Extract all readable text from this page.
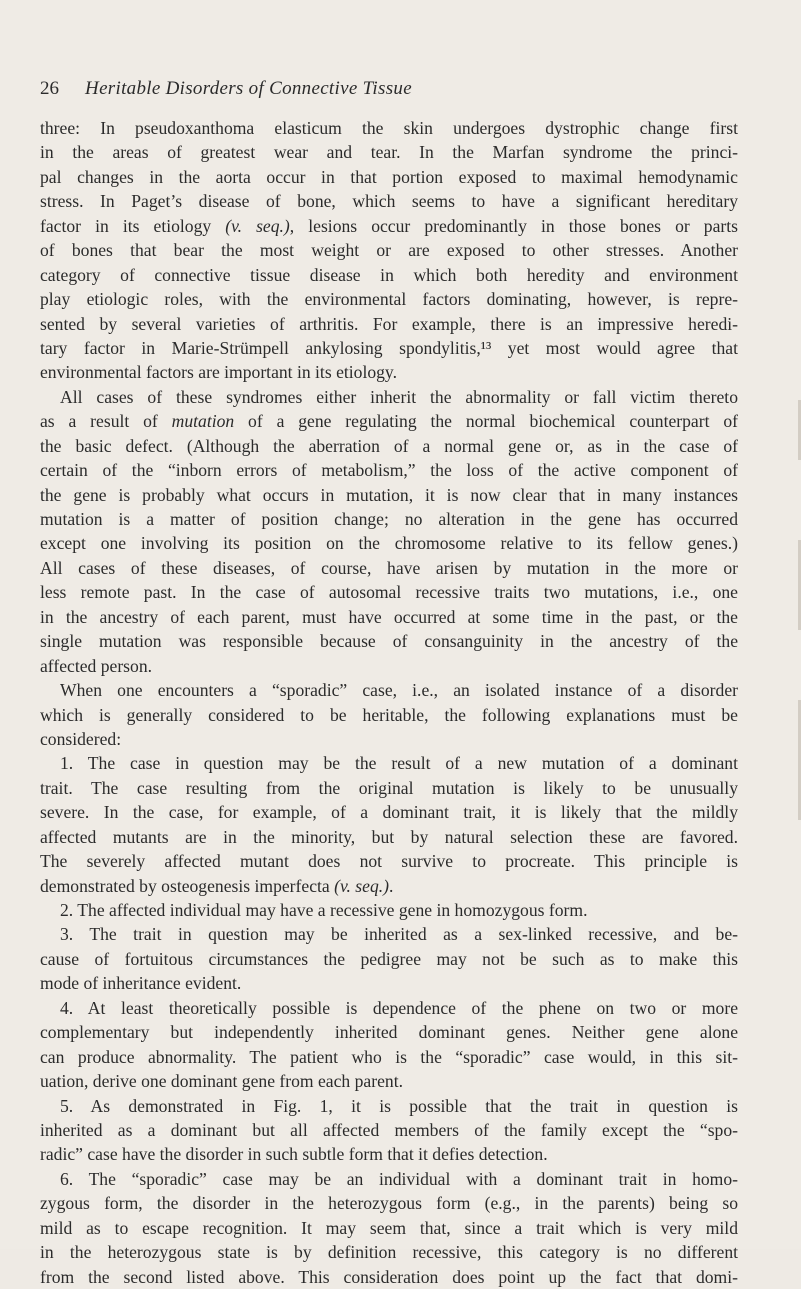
26 Heritable Disorders of Connective Tissue
three: In pseudoxanthoma elasticum the skin undergoes dystrophic change first
in the areas of greatest wear and tear. In the Marfan syndrome the princi-
pal changes in the aorta occur in that portion exposed to maximal hemodynamic
stress. In Paget’s disease of bone, which seems to have a significant hereditary
factor in its etiology (v. seq.), lesions occur predominantly in those bones or parts
of bones that bear the most weight or are exposed to other stresses. Another
category of connective tissue disease in which both heredity and environment
play etiologic roles, with the environmental factors dominating, however, is repre-
sented by several varieties of arthritis. For example, there is an impressive heredi-
tary factor in Marie-Strümpell ankylosing spondylitis,¹³ yet most would agree that
environmental factors are important in its etiology.
All cases of these syndromes either inherit the abnormality or fall victim thereto
as a result of mutation of a gene regulating the normal biochemical counterpart of
the basic defect. (Although the aberration of a normal gene or, as in the case of
certain of the “inborn errors of metabolism,” the loss of the active component of
the gene is probably what occurs in mutation, it is now clear that in many instances
mutation is a matter of position change; no alteration in the gene has occurred
except one involving its position on the chromosome relative to its fellow genes.)
All cases of these diseases, of course, have arisen by mutation in the more or
less remote past. In the case of autosomal recessive traits two mutations, i.e., one
in the ancestry of each parent, must have occurred at some time in the past, or the
single mutation was responsible because of consanguinity in the ancestry of the
affected person.
When one encounters a “sporadic” case, i.e., an isolated instance of a disorder
which is generally considered to be heritable, the following explanations must be
considered:
1. The case in question may be the result of a new mutation of a dominant
trait. The case resulting from the original mutation is likely to be unusually
severe. In the case, for example, of a dominant trait, it is likely that the mildly
affected mutants are in the minority, but by natural selection these are favored.
The severely affected mutant does not survive to procreate. This principle is
demonstrated by osteogenesis imperfecta (v. seq.).
2. The affected individual may have a recessive gene in homozygous form.
3. The trait in question may be inherited as a sex-linked recessive, and be-
cause of fortuitous circumstances the pedigree may not be such as to make this
mode of inheritance evident.
4. At least theoretically possible is dependence of the phene on two or more
complementary but independently inherited dominant genes. Neither gene alone
can produce abnormality. The patient who is the “sporadic” case would, in this sit-
uation, derive one dominant gene from each parent.
5. As demonstrated in Fig. 1, it is possible that the trait in question is
inherited as a dominant but all affected members of the family except the “spo-
radic” case have the disorder in such subtle form that it defies detection.
6. The “sporadic” case may be an individual with a dominant trait in homo-
zygous form, the disorder in the heterozygous form (e.g., in the parents) being so
mild as to escape recognition. It may seem that, since a trait which is very mild
in the heterozygous state is by definition recessive, this category is no different
from the second listed above. This consideration does point up the fact that domi-
